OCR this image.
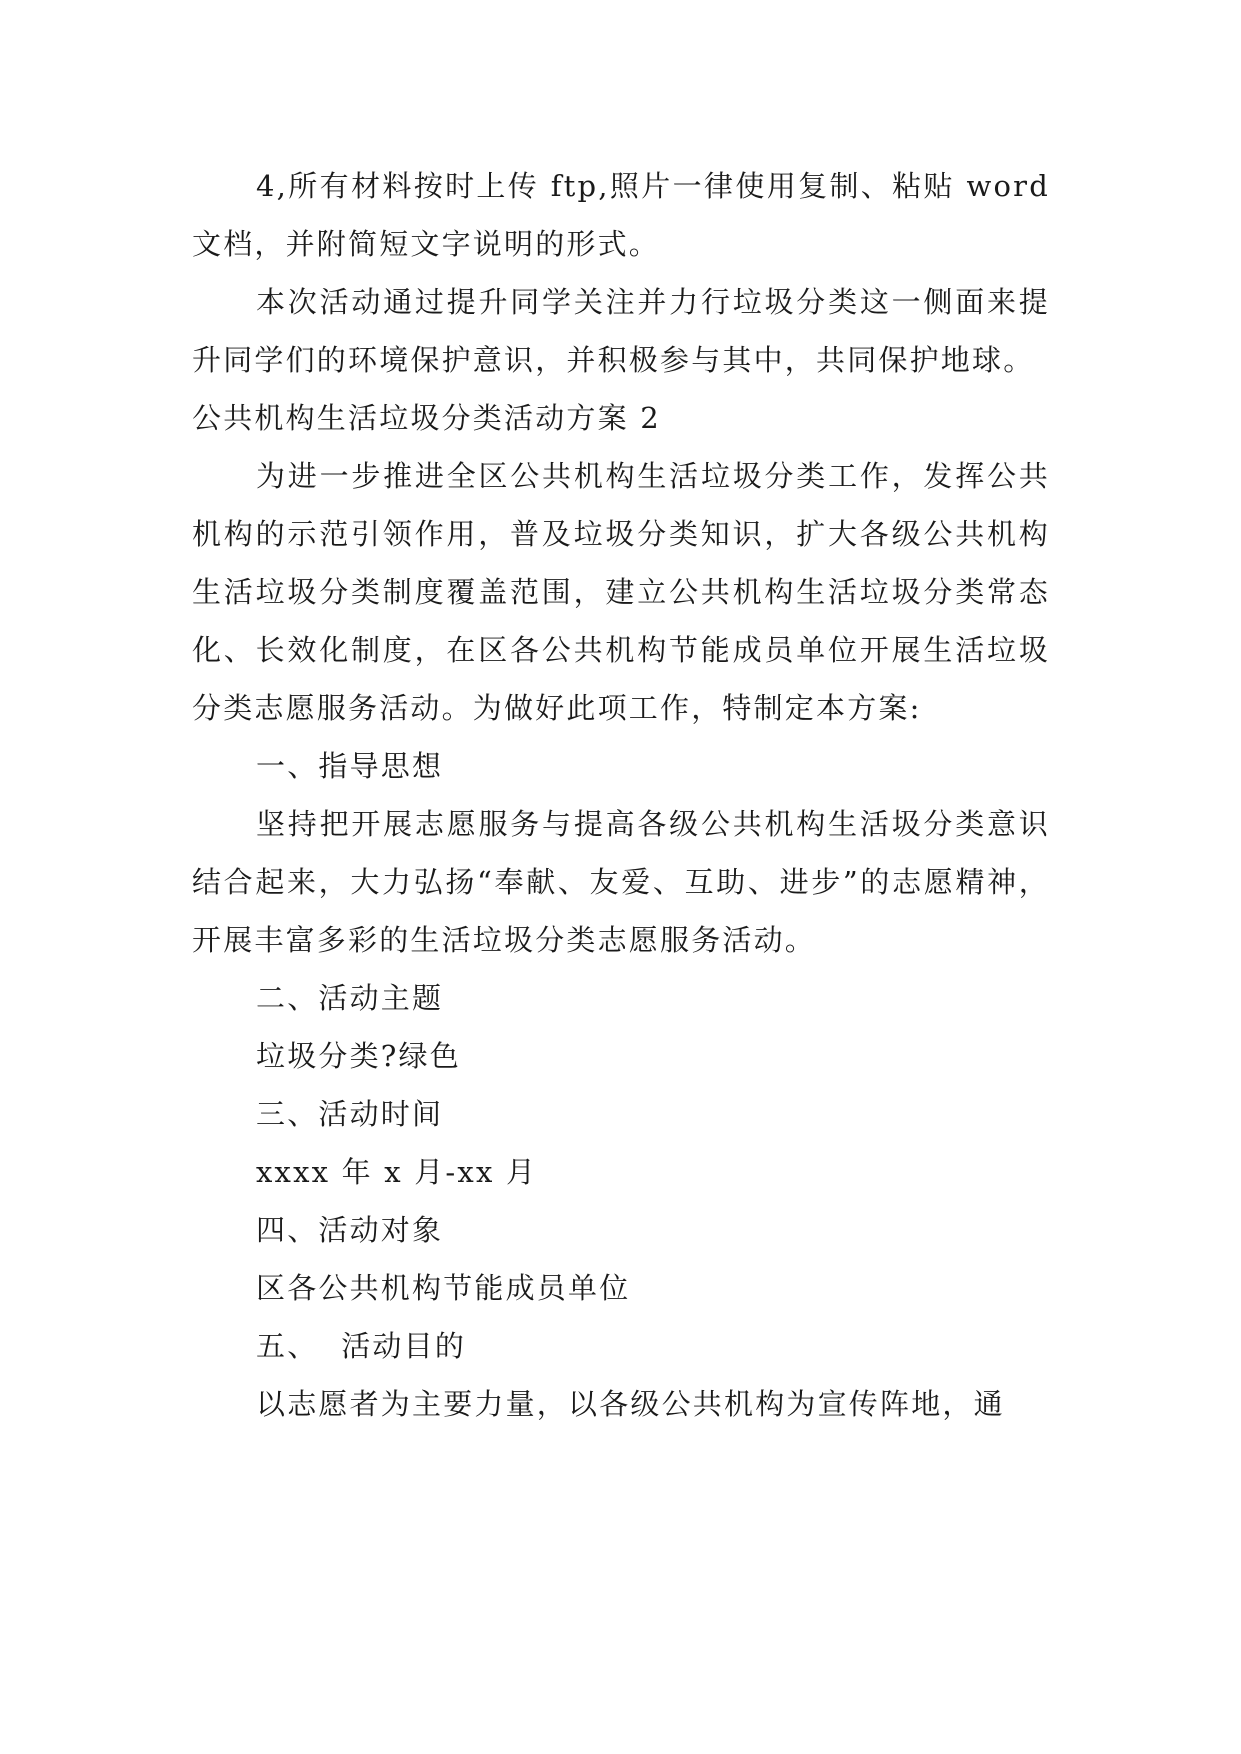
4,所有材料按时上传 ftp,照片一律使用复制、粘贴 word 文档，并附简短文字说明的形式。

本次活动通过提升同学关注并力行垃圾分类这一侧面来提升同学们的环境保护意识，并积极参与其中，共同保护地球。

公共机构生活垃圾分类活动方案 2

为进一步推进全区公共机构生活垃圾分类工作，发挥公共机构的示范引领作用，普及垃圾分类知识，扩大各级公共机构生活垃圾分类制度覆盖范围，建立公共机构生活垃圾分类常态化、长效化制度，在区各公共机构节能成员单位开展生活垃圾分类志愿服务活动。为做好此项工作，特制定本方案:

一、指导思想

坚持把开展志愿服务与提高各级公共机构生活圾分类意识结合起来，大力弘扬“奉献、友爱、互助、进步”的志愿精神，开展丰富多彩的生活垃圾分类志愿服务活动。

二、活动主题

垃圾分类?绿色

三、活动时间

xxxx 年 x 月-xx 月

四、活动对象

区各公共机构节能成员单位

五、  活动目的

以志愿者为主要力量，以各级公共机构为宣传阵地，通
